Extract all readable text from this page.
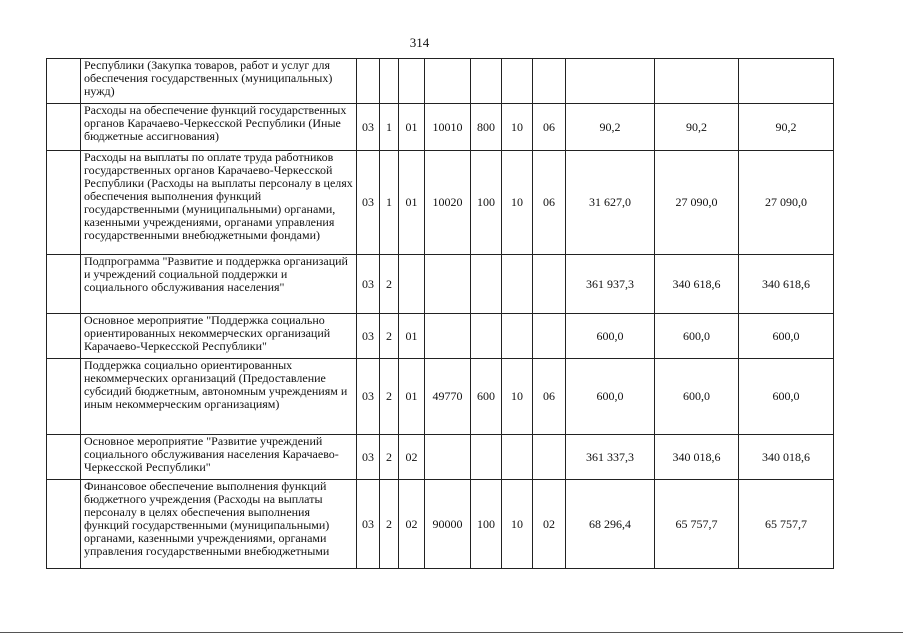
314
	Республики (Закупка товаров, работ и услуг для обеспечения государственных (муниципальных) нужд)										
	Расходы на обеспечение функций государственных органов Карачаево-Черкесской Республики (Иные бюджетные ассигнования)	03	1	01	10010	800	10	06	90,2	90,2	90,2
	Расходы на выплаты по оплате труда работников государственных органов Карачаево-Черкесской Республики (Расходы на выплаты персоналу в целях обеспечения выполнения функций государственными (муниципальными) органами, казенными учреждениями, органами управления государственными внебюджетными фондами)	03	1	01	10020	100	10	06	31 627,0	27 090,0	27 090,0
	Подпрограмма "Развитие и поддержка организаций и учреждений социальной поддержки и социального обслуживания населения"	03	2						361 937,3	340 618,6	340 618,6
	Основное мероприятие "Поддержка социально ориентированных некоммерческих организаций Карачаево-Черкесской Республики"	03	2	01					600,0	600,0	600,0
	Поддержка социально ориентированных некоммерческих организаций (Предоставление субсидий бюджетным, автономным учреждениям и иным некоммерческим организациям)	03	2	01	49770	600	10	06	600,0	600,0	600,0
	Основное мероприятие "Развитие учреждений социального обслуживания населения Карачаево-Черкесской Республики"	03	2	02					361 337,3	340 018,6	340 018,6
	Финансовое обеспечение выполнения функций бюджетного учреждения (Расходы на выплаты персоналу в целях обеспечения выполнения функций государственными (муниципальными) органами, казенными учреждениями, органами управления государственными внебюджетными	03	2	02	90000	100	10	02	68 296,4	65 757,7	65 757,7
